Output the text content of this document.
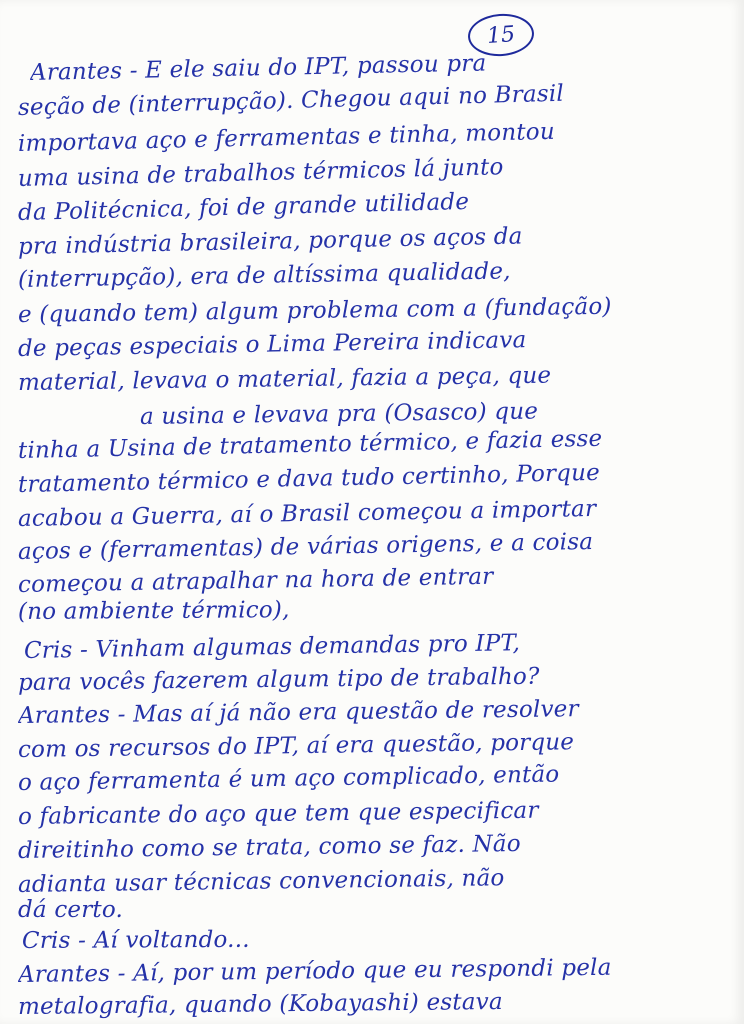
15
Arantes - E ele saiu do IPT, passou pra
seção de (interrupção). Chegou aqui no Brasil
importava aço e ferramentas e tinha, montou
uma usina de trabalhos térmicos lá junto
da Politécnica, foi de grande utilidade
pra indústria brasileira, porque os aços da
(interrupção), era de altíssima qualidade,
e (quando tem) algum problema com a (fundação)
de peças especiais o Lima Pereira indicava
material, levava o material, fazia a peça, que
a usina e levava pra (Osasco) que
tinha a Usina de tratamento térmico, e fazia esse
tratamento térmico e dava tudo certinho, Porque
acabou a Guerra, aí o Brasil começou a importar
aços e (ferramentas) de várias origens, e a coisa
começou a atrapalhar na hora de entrar
(no ambiente térmico),
Cris - Vinham algumas demandas pro IPT,
para vocês fazerem algum tipo de trabalho?
Arantes - Mas aí já não era questão de resolver
com os recursos do IPT, aí era questão, porque
o aço ferramenta é um aço complicado, então
o fabricante do aço que tem que especificar
direitinho como se trata, como se faz. Não
adianta usar técnicas convencionais, não
dá certo.
Cris - Aí voltando...
Arantes - Aí, por um período que eu respondi pela
metalografia, quando (Kobayashi) estava
